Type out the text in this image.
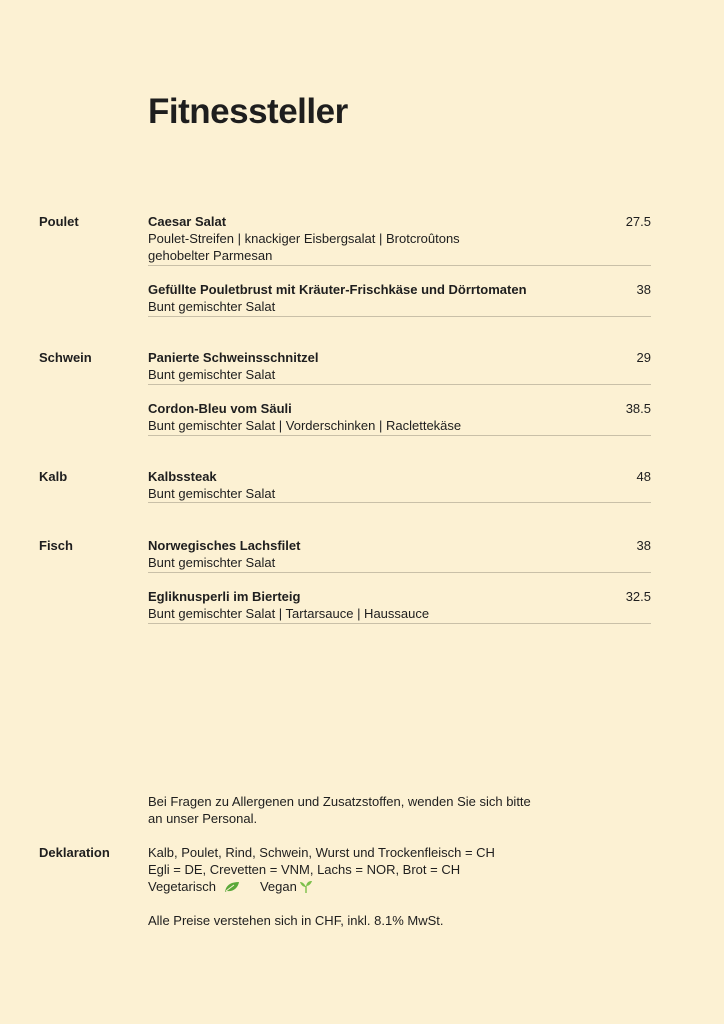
Fitnessteller
Poulet
Schwein
Kalb
Fisch
Caesar Salat	27.5
Poulet-Streifen | knackiger Eisbergsalat | Brotcroûtons
gehobelter Parmesan
Gefüllte Pouletbrust mit Kräuter-Frischkäse und Dörrtomaten	38
Bunt gemischter Salat
Panierte Schweinsschnitzel	29
Bunt gemischter Salat
Cordon-Bleu vom Säuli	38.5
Bunt gemischter Salat | Vorderschinken | Raclettekäse
Kalbssteak	48
Bunt gemischter Salat
Norwegisches Lachsfilet	38
Bunt gemischter Salat
Egliknusperli im Bierteig	32.5
Bunt gemischter Salat | Tartarsauce | Haussauce
Bei Fragen zu Allergenen und Zusatzstoffen, wenden Sie sich bitte
an unser Personal.
Deklaration	Kalb, Poulet, Rind, Schwein, Wurst und Trockenfleisch = CH
Egli = DE, Crevetten = VNM, Lachs = NOR, Brot = CH
Vegetarisch	Vegan
Alle Preise verstehen sich in CHF, inkl. 8.1% MwSt.
